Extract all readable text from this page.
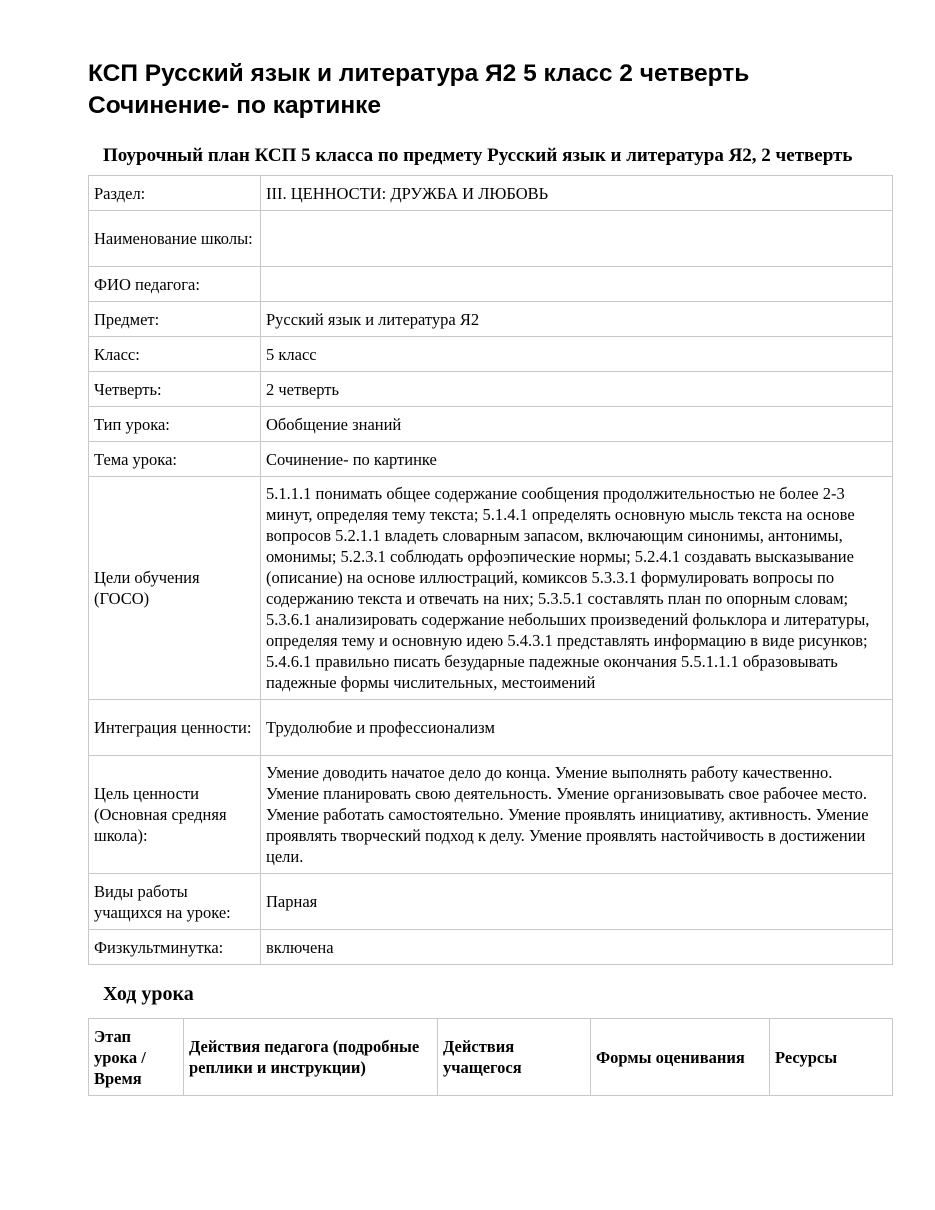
КСП Русский язык и литература Я2 5 класс 2 четверть Сочинение- по картинке
Поурочный план КСП 5 класса по предмету Русский язык и литература Я2, 2 четверть
Раздел:	III. ЦЕННОСТИ: ДРУЖБА И ЛЮБОВЬ
Наименование школы:	
ФИО педагога:	
Предмет:	Русский язык и литература Я2
Класс:	5 класс
Четверть:	2 четверть
Тип урока:	Обобщение знаний
Тема урока:	Сочинение- по картинке
Цели обучения (ГОСО)	5.1.1.1 понимать общее содержание сообщения продолжительностью не более 2-3 минут, определяя тему текста; 5.1.4.1 определять основную мысль текста на основе вопросов 5.2.1.1 владеть словарным запасом, включающим синонимы, антонимы, омонимы; 5.2.3.1 соблюдать орфоэпические нормы; 5.2.4.1 создавать высказывание (описание) на основе иллюстраций, комиксов 5.3.3.1 формулировать вопросы по содержанию текста и отвечать на них; 5.3.5.1 составлять план по опорным словам; 5.3.6.1 анализировать содержание небольших произведений фольклора и литературы, определяя тему и основную идею 5.4.3.1 представлять информацию в виде рисунков; 5.4.6.1 правильно писать безударные падежные окончания 5.5.1.1.1 образовывать падежные формы числительных, местоимений
Интеграция ценности:	Трудолюбие и профессионализм
Цель ценности (Основная средняя школа):	Умение доводить начатое дело до конца. Умение выполнять работу качественно. Умение планировать свою деятельность. Умение организовывать свое рабочее место. Умение работать самостоятельно. Умение проявлять инициативу, активность. Умение проявлять творческий подход к делу. Умение проявлять настойчивость в достижении цели.
Виды работы учащихся на уроке:	Парная
Физкультминутка:	включена
Ход урока
Этап урока / Время	Действия педагога (подробные реплики и инструкции)	Действия учащегося	Формы оценивания	Ресурсы
